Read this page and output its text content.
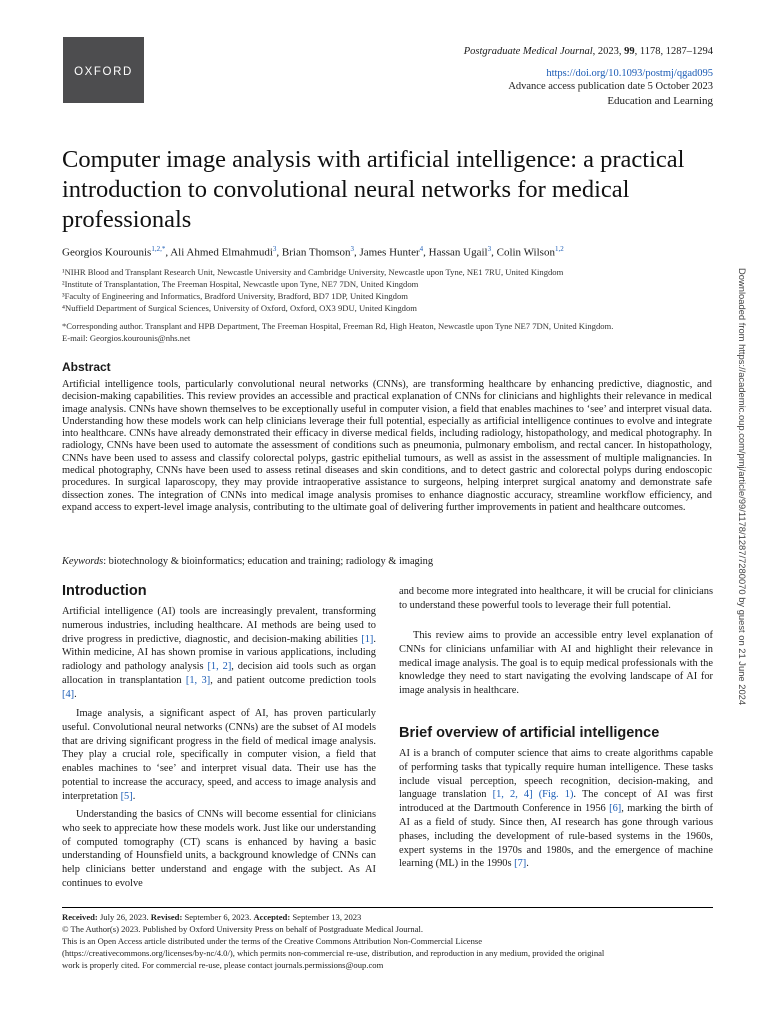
OXFORD
Postgraduate Medical Journal, 2023, 99, 1178, 1287–1294
https://doi.org/10.1093/postmj/qgad095
Advance access publication date 5 October 2023
Education and Learning
Computer image analysis with artificial intelligence: a practical introduction to convolutional neural networks for medical professionals
Georgios Kourounis$^{1,2,*}$, Ali Ahmed Elmahmudi$^3$, Brian Thomson$^3$, James Hunter$^4$, Hassan Ugail$^3$, Colin Wilson$^{1,2}$
¹NIHR Blood and Transplant Research Unit, Newcastle University and Cambridge University, Newcastle upon Tyne, NE1 7RU, United Kingdom
²Institute of Transplantation, The Freeman Hospital, Newcastle upon Tyne, NE7 7DN, United Kingdom
³Faculty of Engineering and Informatics, Bradford University, Bradford, BD7 1DP, United Kingdom
⁴Nuffield Department of Surgical Sciences, University of Oxford, Oxford, OX3 9DU, United Kingdom
*Corresponding author. Transplant and HPB Department, The Freeman Hospital, Freeman Rd, High Heaton, Newcastle upon Tyne NE7 7DN, United Kingdom.
E-mail: Georgios.kourounis@nhs.net
Abstract

Artificial intelligence tools, particularly convolutional neural networks (CNNs), are transforming healthcare by enhancing predictive, diagnostic, and decision-making capabilities. This review provides an accessible and practical explanation of CNNs for clinicians and highlights their relevance in medical image analysis. CNNs have shown themselves to be exceptionally useful in computer vision, a field that enables machines to ‘see’ and interpret visual data. Understanding how these models work can help clinicians leverage their full potential, especially as artificial intelligence continues to evolve and integrate into healthcare. CNNs have already demonstrated their efficacy in diverse medical fields, including radiology, histopathology, and medical photography. In radiology, CNNs have been used to automate the assessment of conditions such as pneumonia, pulmonary embolism, and rectal cancer. In histopathology, CNNs have been used to assess and classify colorectal polyps, gastric epithelial tumours, as well as assist in the assessment of multiple malignancies. In medical photography, CNNs have been used to assess retinal diseases and skin conditions, and to detect gastric and colorectal polyps during endoscopic procedures. In surgical laparoscopy, they may provide intraoperative assistance to surgeons, helping interpret surgical anatomy and demonstrate safe dissection zones. The integration of CNNs into medical image analysis promises to enhance diagnostic accuracy, streamline workflow efficiency, and expand access to expert-level image analysis, contributing to the ultimate goal of delivering further improvements in patient and healthcare outcomes.

Keywords: biotechnology & bioinformatics; education and training; radiology & imaging
Introduction

Artificial intelligence (AI) tools are increasingly prevalent, transforming numerous industries, including healthcare. AI methods are being used to drive progress in predictive, diagnostic, and decision-making abilities [1]. Within medicine, AI has shown promise in various applications, including radiology and pathology analysis [1, 2], decision aid tools such as organ allocation in transplantation [1, 3], and patient outcome prediction tools [4].

Image analysis, a significant aspect of AI, has proven particularly useful. Convolutional neural networks (CNNs) are the subset of AI models that are driving significant progress in the field of medical image analysis. They play a crucial role, specifically in computer vision, a field that enables machines to ‘see’ and interpret visual data. Their use has the potential to increase the accuracy, speed, and access to image analysis and interpretation [5].

Understanding the basics of CNNs will become essential for clinicians who seek to appreciate how these models work. Just like our understanding of computed tomography (CT) scans is enhanced by having a basic understanding of Hounsfield units, a background knowledge of CNNs can help clinicians better understand and engage with the subject. As AI continues to evolve

and become more integrated into healthcare, it will be crucial for clinicians to understand these powerful tools to leverage their full potential.

This review aims to provide an accessible entry level explanation of CNNs for clinicians unfamiliar with AI and highlight their relevance in medical image analysis. The goal is to equip medical professionals with the knowledge they need to start navigating the evolving landscape of AI for image analysis in healthcare.

Brief overview of artificial intelligence

AI is a branch of computer science that aims to create algorithms capable of performing tasks that typically require human intelligence. These tasks include visual perception, speech recognition, decision-making, and language translation [1, 2, 4] (Fig. 1). The concept of AI was first introduced at the Dartmouth Conference in 1956 [6], marking the birth of AI as a field of study. Since then, AI research has gone through various phases, including the development of rule-based systems in the 1960s, expert systems in the 1970s and 1980s, and the emergence of machine learning (ML) in the 1990s [7].

Received: July 26, 2023. Revised: September 6, 2023. Accepted: September 13, 2023
© The Author(s) 2023. Published by Oxford University Press on behalf of Postgraduate Medical Journal.
This is an Open Access article distributed under the terms of the Creative Commons Attribution Non-Commercial License
(https://creativecommons.org/licenses/by-nc/4.0/), which permits non-commercial re-use, distribution, and reproduction in any medium, provided the original
work is properly cited. For commercial re-use, please contact journals.permissions@oup.com
Downloaded from https://academic.oup.com/pmj/article/99/1178/1287/7280070 by guest on 21 June 2024
